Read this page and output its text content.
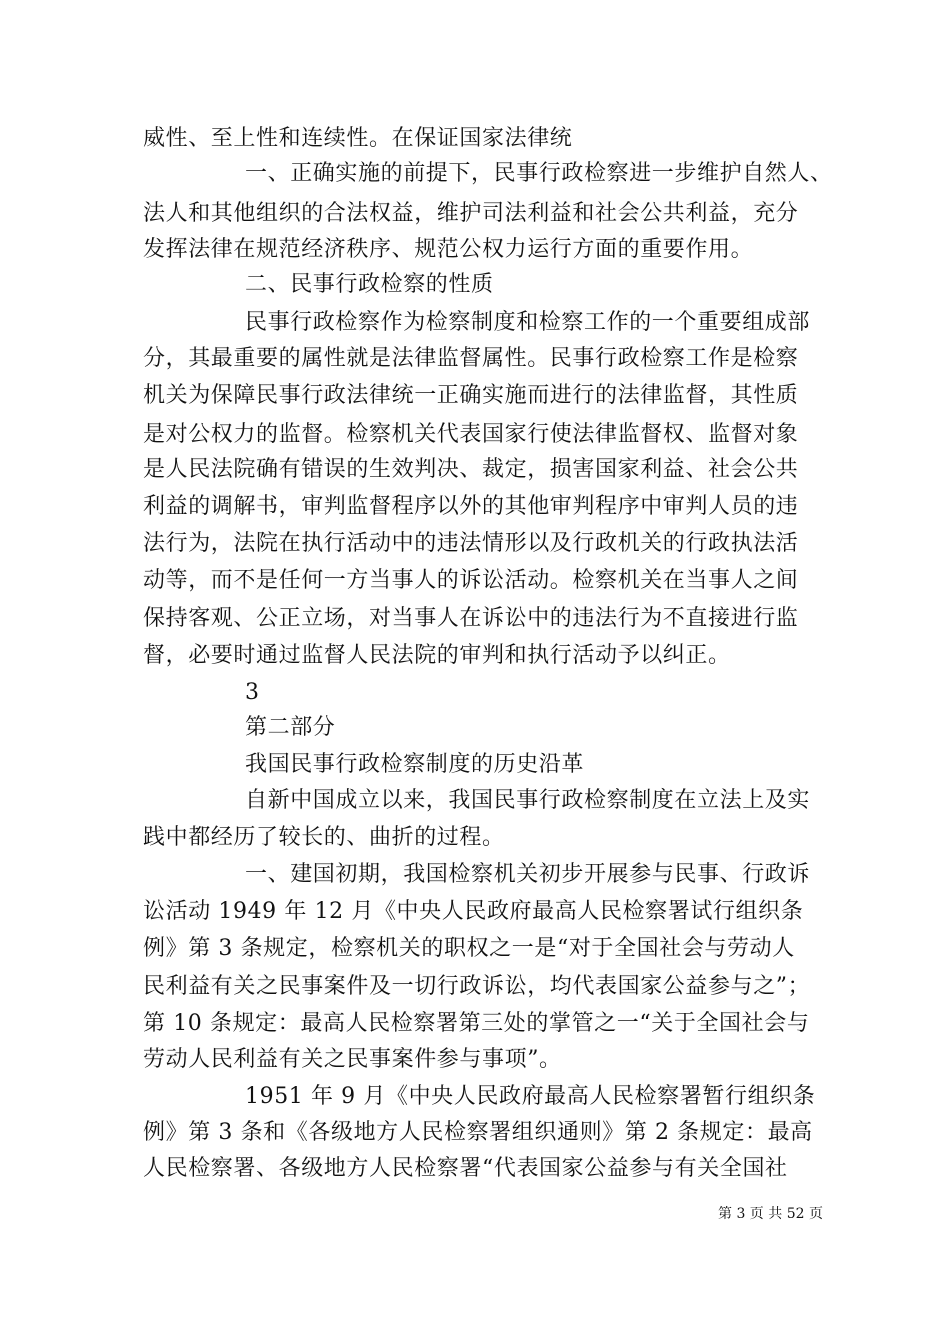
威性、至上性和连续性。在保证国家法律统
一、正确实施的前提下，民事行政检察进一步维护自然人、
法人和其他组织的合法权益，维护司法利益和社会公共利益，充分
发挥法律在规范经济秩序、规范公权力运行方面的重要作用。
二、民事行政检察的性质
民事行政检察作为检察制度和检察工作的一个重要组成部
分，其最重要的属性就是法律监督属性。民事行政检察工作是检察
机关为保障民事行政法律统一正确实施而进行的法律监督，其性质
是对公权力的监督。检察机关代表国家行使法律监督权、监督对象
是人民法院确有错误的生效判决、裁定，损害国家利益、社会公共
利益的调解书，审判监督程序以外的其他审判程序中审判人员的违
法行为，法院在执行活动中的违法情形以及行政机关的行政执法活
动等，而不是任何一方当事人的诉讼活动。检察机关在当事人之间
保持客观、公正立场，对当事人在诉讼中的违法行为不直接进行监
督，必要时通过监督人民法院的审判和执行活动予以纠正。
3
第二部分
我国民事行政检察制度的历史沿革
自新中国成立以来，我国民事行政检察制度在立法上及实
践中都经历了较长的、曲折的过程。
一、建国初期，我国检察机关初步开展参与民事、行政诉
讼活动 1949 年 12 月《中央人民政府最高人民检察署试行组织条
例》第 3 条规定，检察机关的职权之一是“对于全国社会与劳动人
民利益有关之民事案件及一切行政诉讼，均代表国家公益参与之”；
第 10 条规定：最高人民检察署第三处的掌管之一“关于全国社会与
劳动人民利益有关之民事案件参与事项”。
1951 年 9 月《中央人民政府最高人民检察署暂行组织条
例》第 3 条和《各级地方人民检察署组织通则》第 2 条规定：最高
人民检察署、各级地方人民检察署“代表国家公益参与有关全国社
第 3 页 共 52 页
